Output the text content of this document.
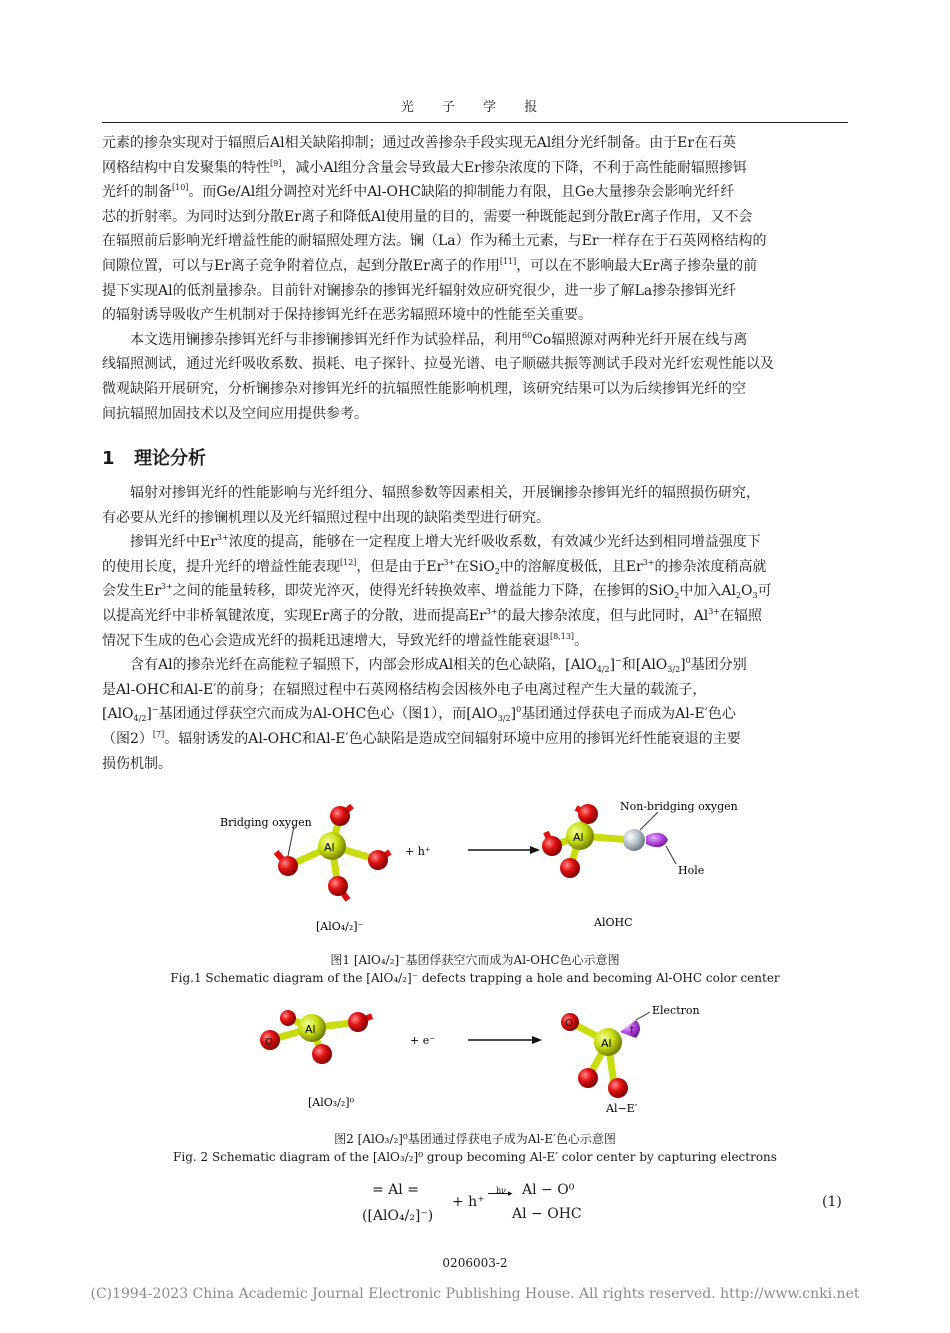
光 子 学 报

元素的掺杂实现对于辐照后Al相关缺陷抑制；通过改善掺杂手段实现无Al组分光纤制备。由于Er在石英

网格结构中自发聚集的特性[9]，减小Al组分含量会导致最大Er掺杂浓度的下降，不利于高性能耐辐照掺铒

光纤的制备[10]。而Ge/Al组分调控对光纤中Al-OHC缺陷的抑制能力有限，且Ge大量掺杂会影响光纤纤

芯的折射率。为同时达到分散Er离子和降低Al使用量的目的，需要一种既能起到分散Er离子作用，又不会

在辐照前后影响光纤增益性能的耐辐照处理方法。镧（La）作为稀土元素，与Er一样存在于石英网格结构的

间隙位置，可以与Er离子竞争附着位点，起到分散Er离子的作用[11]，可以在不影响最大Er离子掺杂量的前

提下实现Al的低剂量掺杂。目前针对镧掺杂的掺铒光纤辐射效应研究很少，进一步了解La掺杂掺铒光纤

的辐射诱导吸收产生机制对于保持掺铒光纤在恶劣辐照环境中的性能至关重要。

本文选用镧掺杂掺铒光纤与非掺镧掺铒光纤作为试验样品，利用$^{60}$Co辐照源对两种光纤开展在线与离

线辐照测试，通过光纤吸收系数、损耗、电子探针、拉曼光谱、电子顺磁共振等测试手段对光纤宏观性能以及

微观缺陷开展研究，分析镧掺杂对掺铒光纤的抗辐照性能影响机理，该研究结果可以为后续掺铒光纤的空

间抗辐照加固技术以及空间应用提供参考。

1 理论分析

辐射对掺铒光纤的性能影响与光纤组分、辐照参数等因素相关，开展镧掺杂掺铒光纤的辐照损伤研究，

有必要从光纤的掺镧机理以及光纤辐照过程中出现的缺陷类型进行研究。

掺铒光纤中$Er^{3+}$浓度的提高，能够在一定程度上增大光纤吸收系数，有效减少光纤达到相同增益强度下

的使用长度，提升光纤的增益性能表现[12]，但是由于$Er^{3+}$在SiO$_2$中的溶解度极低，且$Er^{3+}$的掺杂浓度稍高就

会发生$Er^{3+}$之间的能量转移，即荧光淬灭，使得光纤转换效率、增益能力下降，在掺铒的SiO$_2$中加入$Al_2O_3$可

以提高光纤中非桥氧键浓度，实现Er离子的分散，进而提高$Er^{3+}$的最大掺杂浓度，但与此同时，$Al^{3+}$在辐照

情况下生成的色心会造成光纤的损耗迅速增大，导致光纤的增益性能衰退[8,13]。

含有Al的掺杂光纤在高能粒子辐照下，内部会形成Al相关的色心缺陷，[AlO$_{4/2}$]−和$[AlO_{3/2}]^0$基团分别

是Al-OHC和Al-E′的前身；在辐照过程中石英网格结构会因核外电子电离过程产生大量的载流子，

[AlO$_{4/2}$]−基团通过俘获空穴而成为Al-OHC色心（图1），而$[AlO_{3/2}]^0$基团通过俘获电子而成为Al-E′色心

（图2）[7]。辐射诱发的Al-OHC和Al-E′色心缺陷是造成空间辐射环境中应用的掺铒光纤性能衰退的主要

损伤机制。

Al
Bridging oxygen
[AlO₄/₂]⁻
+ h⁺
Al
Non-bridging oxygen
Hole
AlOHC
图1 [AlO₄/₂]⁻基团俘获空穴而成为Al-OHC色心示意图
Fig.1 Schematic diagram of the [AlO₄/₂]⁻ defects trapping a hole and becoming Al-OHC color center
Al
O
[AlO₃/₂]⁰
+ e⁻	Al
O
↑
Electron
Al−E′
图2 [AlO₃/₂]⁰基团通过俘获电子成为Al-E′色心示意图
Fig. 2 Schematic diagram of the [AlO₃/₂]⁰ group becoming Al-E′ color center by capturing electrons
= Al =
([AlO₄/₂]⁻)
+ h⁺
hν ▸ Al − O⁰
Al − OHC
(1)
0206003-2
(C)1994-2023 China Academic Journal Electronic Publishing House. All rights reserved. http://www.cnki.net
